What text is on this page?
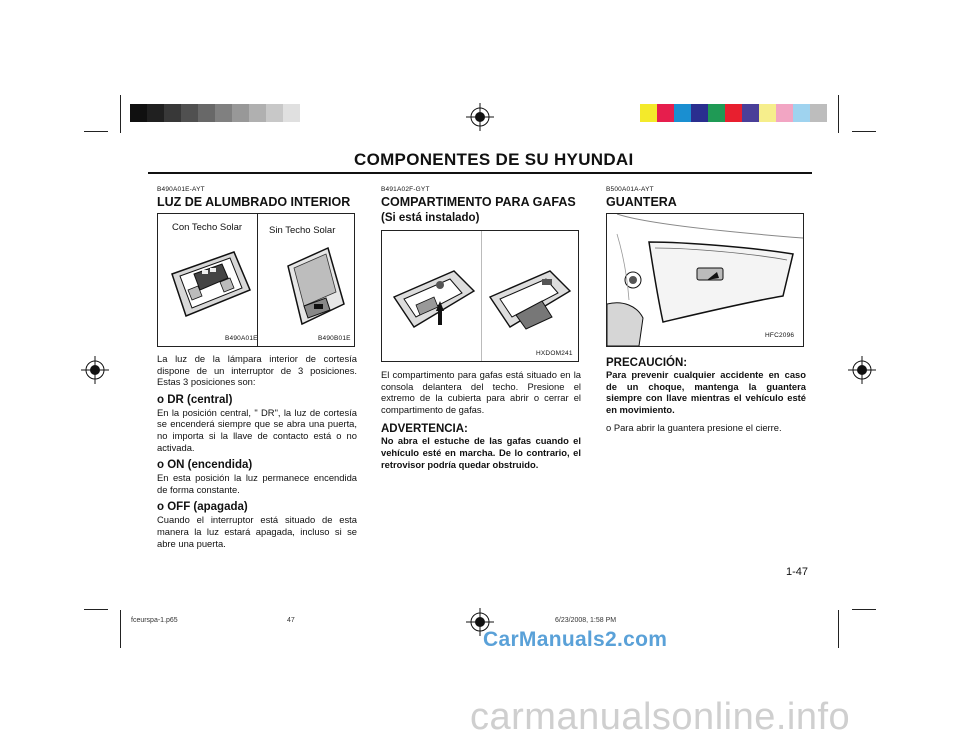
COMPONENTES DE SU HYUNDAI
B490A01E-AYT
LUZ DE ALUMBRADO INTERIOR
Con Techo Solar	Sin Techo Solar
B490A01E	B490B01E

La luz de la lámpara interior de cortesía dispone de un interruptor de 3 posiciones. Estas 3 posiciones son:

o DR (central)

En la posición central, " DR", la luz de cortesía se encenderá siempre que se abra una puerta, no importa si la llave de contacto está o no activada.

o ON (encendida)

En esta posición la luz permanece encendida de forma constante.

o OFF (apagada)

Cuando el interruptor está situado de esta manera la luz estará apagada, incluso si se abre una puerta.

B491A02F-GYT
COMPARTIMENTO PARA GAFAS
(Si está instalado)
HXDOM241

El compartimento para gafas está situado en la consola delantera del techo. Presione el extremo de la cubierta para abrir o cerrar el compartimento de gafas.

ADVERTENCIA:

No abra el estuche de las gafas cuando el vehículo esté en marcha. De lo contrario, el retrovisor podría quedar obstruido.

B500A01A-AYT
GUANTERA
HFC2096
PRECAUCIÓN:

Para prevenir cualquier accidente en caso de un choque, mantenga la guantera siempre con llave mientras el vehículo esté en movimiento.

o Para abrir la guantera presione el cierre.

1-47
fceurspa-1.p65	47	6/23/2008, 1:58 PM
CarManuals2.com
carmanualsonline.info
